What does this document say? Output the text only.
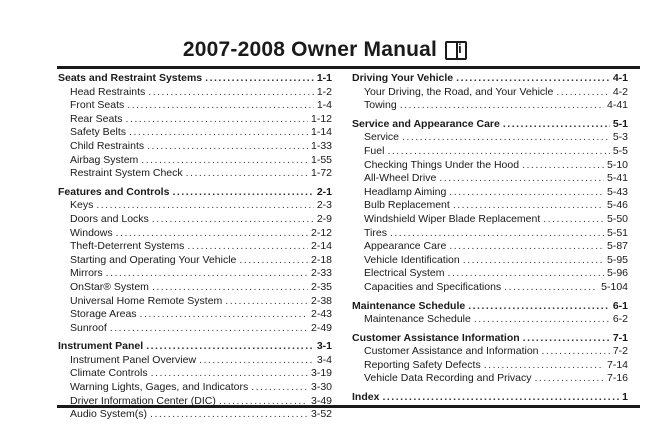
2007-2008 Owner Manual
i
Seats and Restraint Systems .....	1-1
Head Restraints .....	1-2
Front Seats .....	1-4
Rear Seats .....	1-12
Safety Belts .....	1-14
Child Restraints .....	1-33
Airbag System .....	1-55
Restraint System Check .....	1-72
Features and Controls .....	2-1
Keys .....	2-3
Doors and Locks .....	2-9
Windows .....	2-12
Theft-Deterrent Systems .....	2-14
Starting and Operating Your Vehicle .....	2-18
Mirrors .....	2-33
OnStar® System .....	2-35
Universal Home Remote System .....	2-38
Storage Areas .....	2-43
Sunroof .....	2-49
Instrument Panel .....	3-1
Instrument Panel Overview .....	3-4
Climate Controls .....	3-19
Warning Lights, Gages, and Indicators .....	3-30
Driver Information Center (DIC) .....	3-49
Audio System(s) .....	3-52
Driving Your Vehicle .....	4-1
Your Driving, the Road, and Your Vehicle .....	4-2
Towing .....	4-41
Service and Appearance Care .....	5-1
Service .....	5-3
Fuel .....	5-5
Checking Things Under the Hood .....	5-10
All-Wheel Drive .....	5-41
Headlamp Aiming .....	5-43
Bulb Replacement .....	5-46
Windshield Wiper Blade Replacement .....	5-50
Tires .....	5-51
Appearance Care .....	5-87
Vehicle Identification .....	5-95
Electrical System .....	5-96
Capacities and Specifications .....	5-104
Maintenance Schedule .....	6-1
Maintenance Schedule .....	6-2
Customer Assistance Information .....	7-1
Customer Assistance and Information .....	7-2
Reporting Safety Defects .....	7-14
Vehicle Data Recording and Privacy .....	7-16
Index .....	1
